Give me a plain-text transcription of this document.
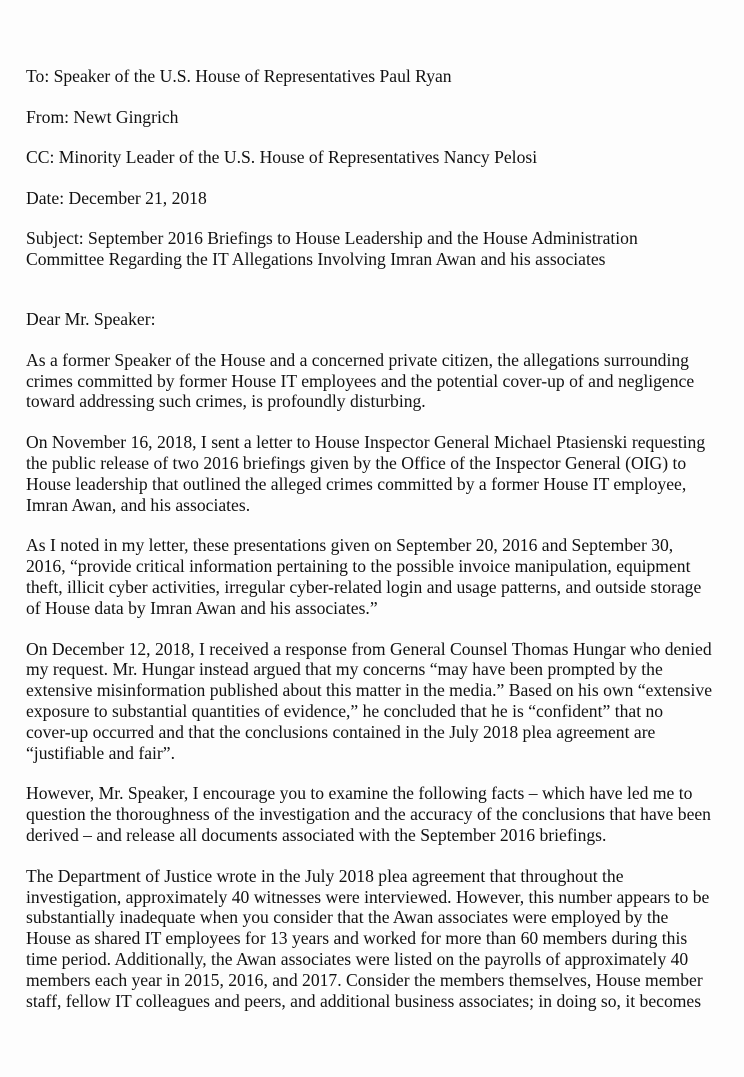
To: Speaker of the U.S. House of Representatives Paul Ryan

From: Newt Gingrich

CC: Minority Leader of the U.S. House of Representatives Nancy Pelosi

Date: December 21, 2018

Subject: September 2016 Briefings to House Leadership and the House Administration
Committee Regarding the IT Allegations Involving Imran Awan and his associates

Dear Mr. Speaker:

As a former Speaker of the House and a concerned private citizen, the allegations surrounding
crimes committed by former House IT employees and the potential cover-up of and negligence
toward addressing such crimes, is profoundly disturbing.

On November 16, 2018, I sent a letter to House Inspector General Michael Ptasienski requesting
the public release of two 2016 briefings given by the Office of the Inspector General (OIG) to
House leadership that outlined the alleged crimes committed by a former House IT employee,
Imran Awan, and his associates.

As I noted in my letter, these presentations given on September 20, 2016 and September 30,
2016, “provide critical information pertaining to the possible invoice manipulation, equipment
theft, illicit cyber activities, irregular cyber-related login and usage patterns, and outside storage
of House data by Imran Awan and his associates.”

On December 12, 2018, I received a response from General Counsel Thomas Hungar who denied
my request. Mr. Hungar instead argued that my concerns “may have been prompted by the
extensive misinformation published about this matter in the media.” Based on his own “extensive
exposure to substantial quantities of evidence,” he concluded that he is “confident” that no
cover-up occurred and that the conclusions contained in the July 2018 plea agreement are
“justifiable and fair”.

However, Mr. Speaker, I encourage you to examine the following facts – which have led me to
question the thoroughness of the investigation and the accuracy of the conclusions that have been
derived – and release all documents associated with the September 2016 briefings.

The Department of Justice wrote in the July 2018 plea agreement that throughout the
investigation, approximately 40 witnesses were interviewed. However, this number appears to be
substantially inadequate when you consider that the Awan associates were employed by the
House as shared IT employees for 13 years and worked for more than 60 members during this
time period. Additionally, the Awan associates were listed on the payrolls of approximately 40
members each year in 2015, 2016, and 2017. Consider the members themselves, House member
staff, fellow IT colleagues and peers, and additional business associates; in doing so, it becomes
